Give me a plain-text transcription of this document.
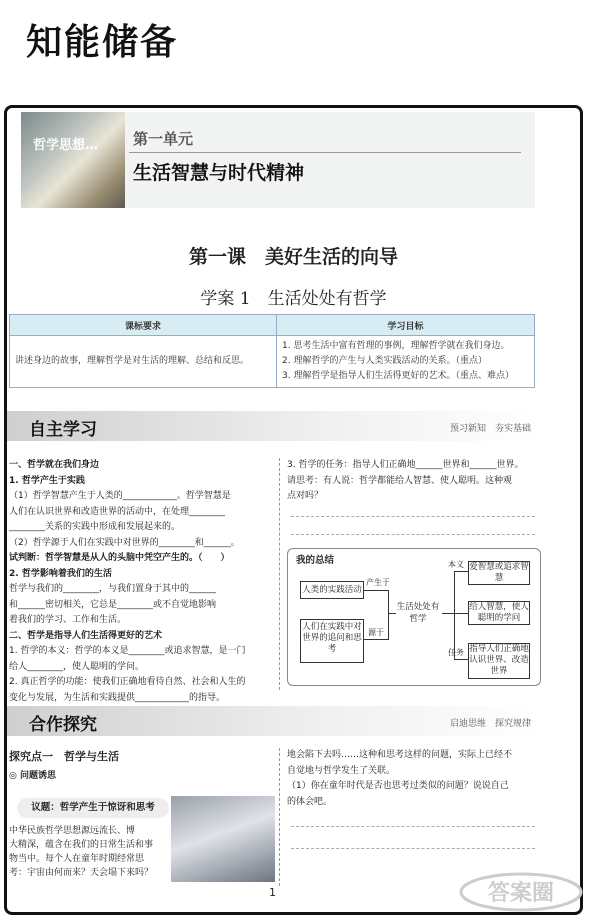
知能储备
哲学思想… 第一单元
生活智慧与时代精神
第一课　美好生活的向导
学案 1　生活处处有哲学
课标要求	学习目标
讲述身边的故事，理解哲学是对生活的理解、总结和反思。	1. 思考生活中富有哲理的事例，理解哲学就在我们身边。
2. 理解哲学的产生与人类实践活动的关系。（重点）
3. 理解哲学是指导人们生活得更好的艺术。（重点、难点）
自主学习	预习新知　夯实基础
一、哲学就在我们身边
1. 哲学产生于实践
（1）哲学智慧产生于人类的____________。哲学智慧是
人们在认识世界和改造世界的活动中，在处理________
________关系的实践中形成和发展起来的。
（2）哲学源于人们在实践中对世界的________和______。
试判断：哲学智慧是从人的头脑中凭空产生的。（　　）
2. 哲学影响着我们的生活
哲学与我们的________，与我们置身于其中的______
和______密切相关，它总是________或不自觉地影响
着我们的学习、工作和生活。
二、哲学是指导人们生活得更好的艺术
1. 哲学的本义：哲学的本义是________或追求智慧，是一门
给人________，使人聪明的学问。
2. 真正哲学的功能：使我们正确地看待自然、社会和人生的
变化与发展，为生活和实践提供____________的指导。
3. 哲学的任务：指导人们正确地______世界和______世界。
请思考：有人说：哲学都能给人智慧、使人聪明。这种观
点对吗？
我的总结
人类的实践活动
人们在实践中对世界的追问和思考
产生于
源于
生活处处有哲学
本义
任务
爱智慧或追求智慧
给人智慧，使人聪明的学问
指导人们正确地认识世界、改造世界
合作探究	启迪思维　探究规律
探究点一　哲学与生活
◎ 问题诱思
议题：哲学产生于惊讶和思考
中华民族哲学思想源远流长、博
大精深，蕴含在我们的日常生活和事
物当中。每个人在童年时期经常思
考：宇宙由何而来？天会塌下来吗？
地会陷下去吗……这种和思考这样的问题，实际上已经不
自觉地与哲学发生了关联。
（1）你在童年时代是否也思考过类似的问题？说说自己
的体会吧。
1	答案圈
